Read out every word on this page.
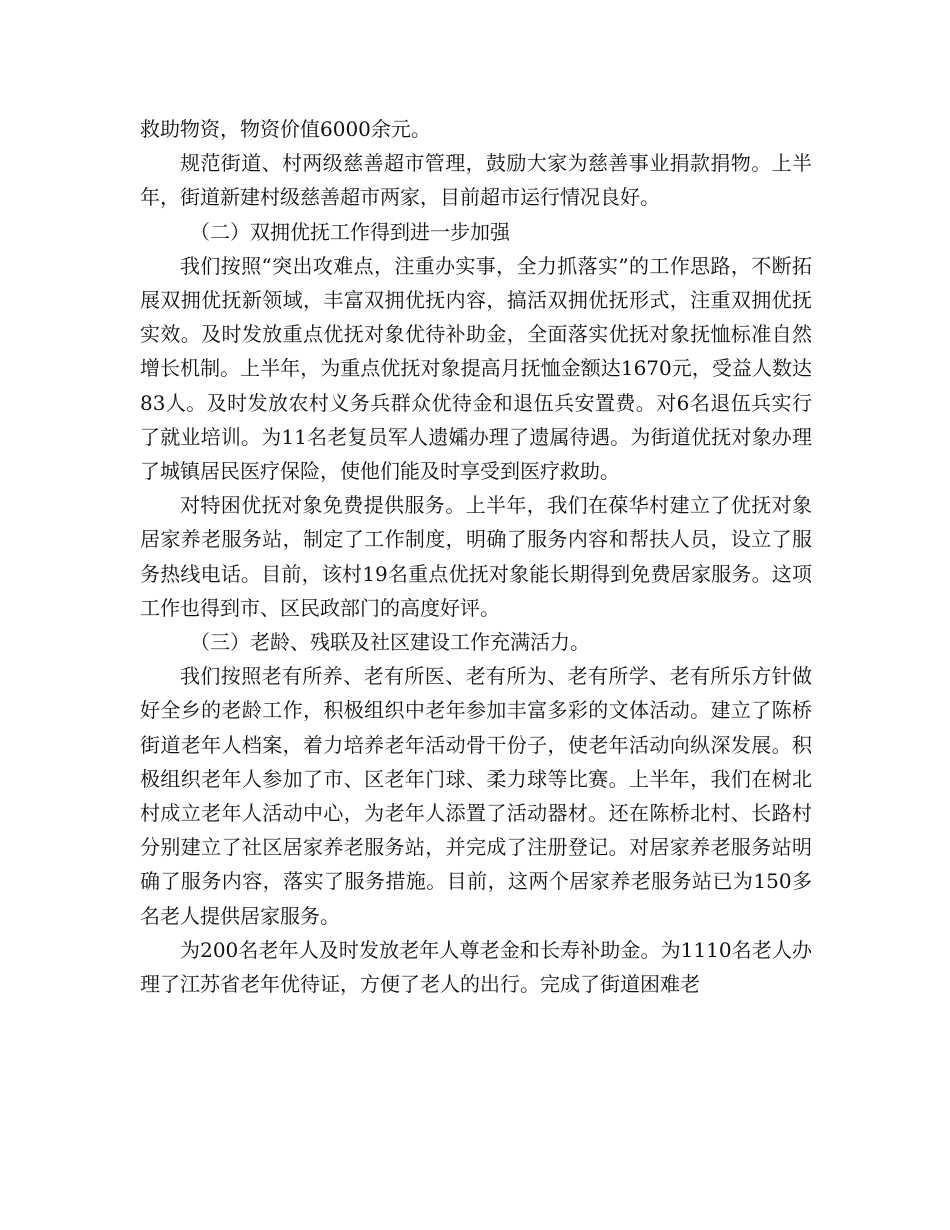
救助物资，物资价值6000余元。

规范街道、村两级慈善超市管理，鼓励大家为慈善事业捐款捐物。上半年，街道新建村级慈善超市两家，目前超市运行情况良好。

（二）双拥优抚工作得到进一步加强

我们按照“突出攻难点，注重办实事，全力抓落实”的工作思路，不断拓展双拥优抚新领域，丰富双拥优抚内容，搞活双拥优抚形式，注重双拥优抚实效。及时发放重点优抚对象优待补助金，全面落实优抚对象抚恤标准自然增长机制。上半年，为重点优抚对象提高月抚恤金额达1670元，受益人数达83人。及时发放农村义务兵群众优待金和退伍兵安置费。对6名退伍兵实行了就业培训。为11名老复员军人遗孀办理了遗属待遇。为街道优抚对象办理了城镇居民医疗保险，使他们能及时享受到医疗救助。

对特困优抚对象免费提供服务。上半年，我们在葆华村建立了优抚对象居家养老服务站，制定了工作制度，明确了服务内容和帮扶人员，设立了服务热线电话。目前，该村19名重点优抚对象能长期得到免费居家服务。这项工作也得到市、区民政部门的高度好评。

（三）老龄、残联及社区建设工作充满活力。

我们按照老有所养、老有所医、老有所为、老有所学、老有所乐方针做好全乡的老龄工作，积极组织中老年参加丰富多彩的文体活动。建立了陈桥街道老年人档案，着力培养老年活动骨干份子，使老年活动向纵深发展。积极组织老年人参加了市、区老年门球、柔力球等比赛。上半年，我们在树北村成立老年人活动中心，为老年人添置了活动器材。还在陈桥北村、长路村分别建立了社区居家养老服务站，并完成了注册登记。对居家养老服务站明确了服务内容，落实了服务措施。目前，这两个居家养老服务站已为150多名老人提供居家服务。

为200名老年人及时发放老年人尊老金和长寿补助金。为1110名老人办理了江苏省老年优待证，方便了老人的出行。完成了街道困难老
